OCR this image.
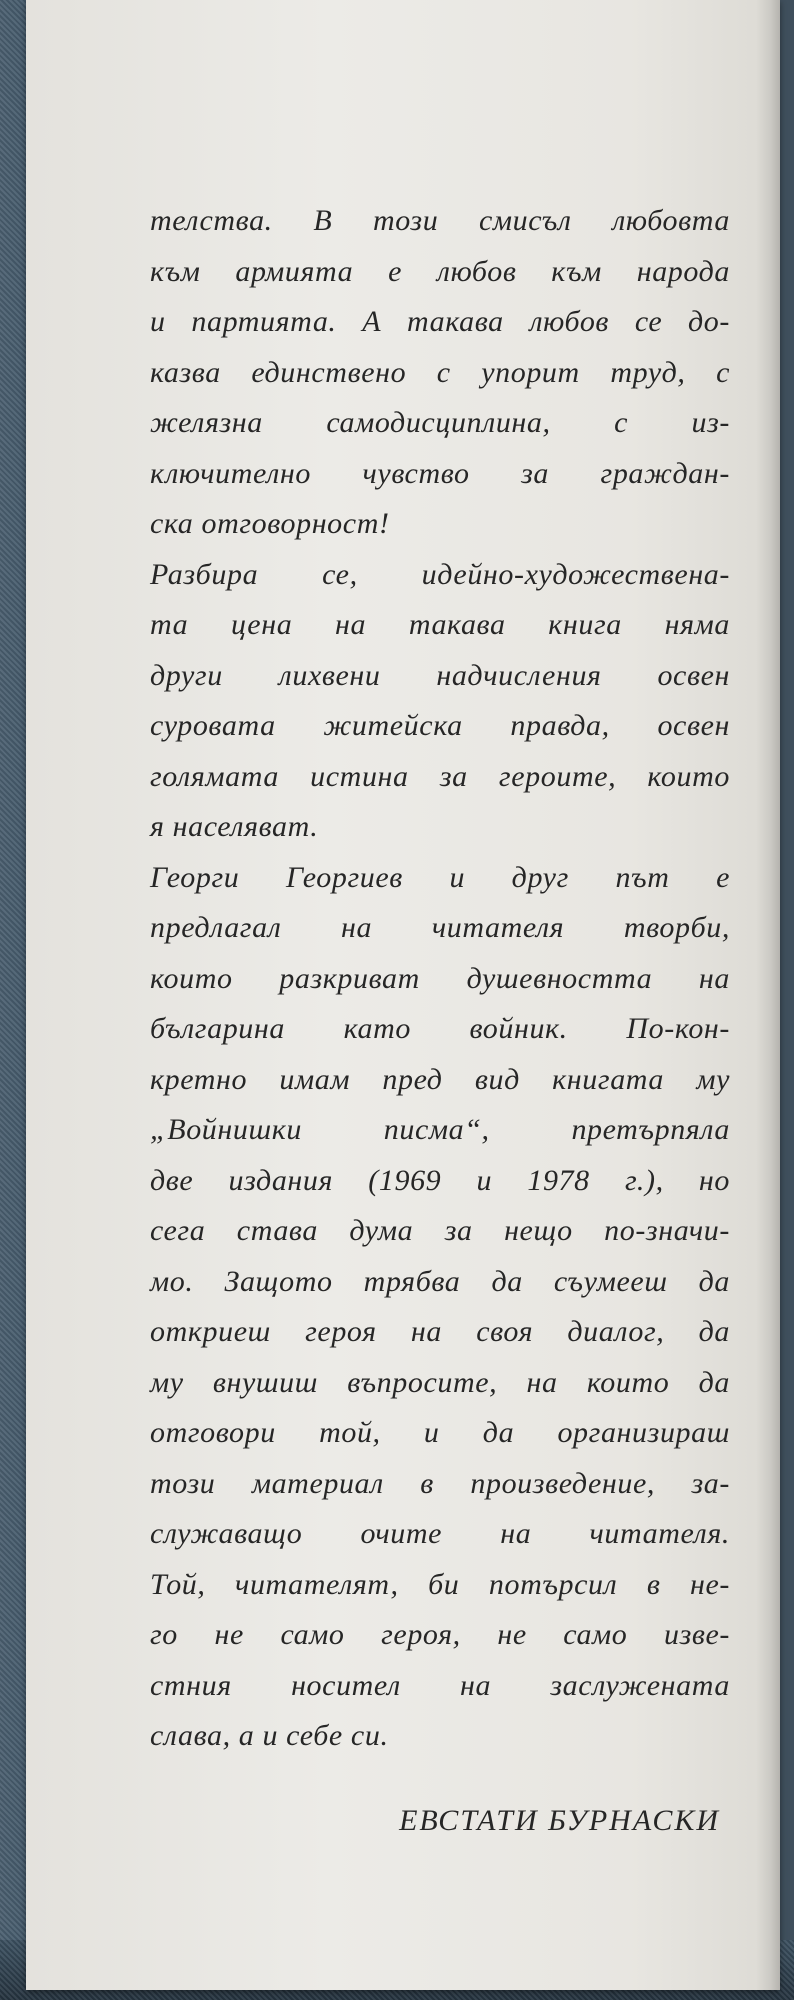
телства. В този смисъл любовта
към армията е любов към народа
и партията. А такава любов се до-
казва единствено с упорит труд, с
желязна самодисциплина, с из-
ключително чувство за граждан-
ска отговорност!
Разбира се, идейно-художествена-
та цена на такава книга няма
други лихвени надчисления освен
суровата житейска правда, освен
голямата истина за героите, които
я населяват.
Георги Георгиев и друг път е
предлагал на читателя творби,
които разкриват душевността на
българина като войник. По-кон-
кретно имам пред вид книгата му
„Войнишки писма“, претърпяла
две издания (1969 и 1978 г.), но
сега става дума за нещо по-значи-
мо. Защото трябва да съумееш да
откриеш героя на своя диалог, да
му внушиш въпросите, на които да
отговори той, и да организираш
този материал в произведение, за-
служаващо очите на читателя.
Той, читателят, би потърсил в не-
го не само героя, не само изве-
стния носител на заслужената
слава, а и себе си.
ЕВСТАТИ БУРНАСКИ
